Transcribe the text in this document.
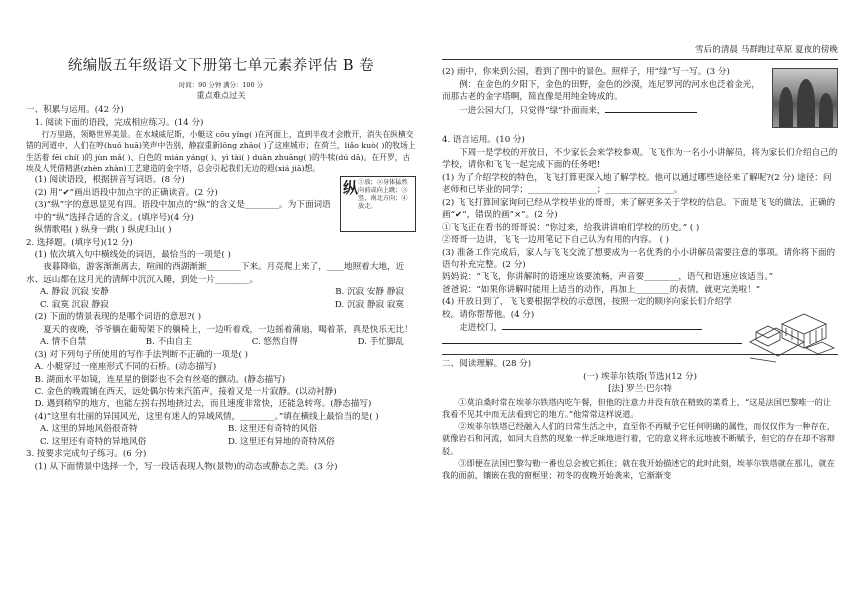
统编版五年级语文下册第七单元素养评估 B 卷
时间：90 分钟 满分：100 分
重点难点过关
一、积累与运用。(42 分)
1. 阅读下面的语段，完成相应练习。(14 分)
行万里路，领略世界美景。在水城威尼斯，小艇这 cōu yǐng( )在河面上，直到半夜才会散开，消失在纵横交错的河道中，人们在哼(huǒ huā)笑声中告别，静寂重新lōng zhāo( )了这座城市；在荷兰，liǎo kuò( )的牧场上生活着 fēi chí( )的 jùn mǎ( )、白色的 mián yáng( )、yì tài( ) duān zhuāng( )的牛犊(dú dā)。在开罗，古埃及人凭借精湛(zhèn zhàn)工艺建造的金字塔，总会引起我们无边的遐(xiá jiā)想。
纵 ①放；②身体猛然向前或向上跳；③竖，南北方向；④放走。
(1) 阅读语段，根据拼音写词语。(8 分)
(2) 用“✔”画出语段中加点字的正确读音。(2 分)
(3)“纵”字的意思显见有四。语段中加点的“纵”的含义是________。为下面词语中的“纵”选择合适的含义。(填序号)(4 分)
纵情歌唱( ) 纵身一跳( ) 纵虎归山( )
2. 选择题。(填序号)(12 分)
(1) 依次填入句中横线处的词语，最恰当的一项是( )
夜暮降临，游客渐渐离去，喧闹的西湖渐渐________下来。月亮爬上来了，____地照着大地，近水、远山都在这月光的清辉中沉沉入睡，到处一片________。
A. 静寂 沉寂 安静	B. 沉寂 安静 静寂
C. 寂寞 沉寂 静寂	D. 沉寂 静寂 寂寞
(2) 下面的情景表现的是哪个词语的意思?( )
夏天的夜晚，爷爷躺在葡萄架下的躺椅上，一边听着戏，一边摇着蒲扇，喝着茶，真是快乐无比！
A. 情不自禁	B. 不由自主	C. 悠然自得	D. 手忙脚乱
(3) 对下列句子所使用的写作手法判断不正确的一项是( )
A. 小艇穿过一座座形式不同的石桥。(动态描写)
B. 湖面水平如镜，连星星的倒影也不会有丝毫的颤动。(静态描写)
C. 金色的晚霞铺在西天，远处偶尔传来汽笛声，接着又是一片寂静。(以动衬静)
D. 遇到稍窄的地方，也能左拐右拐地挤过去，而且速度非常快，还能急转弯。(静态描写)
(4)“这里有壮丽的异国风光，这里有迷人的异域风情，________。”填在横线上最恰当的是( )
A. 这里的异地风俗很奇特	B. 这里还有奇特的风俗
C. 这里还有奇特的异地风俗	D. 这里还有异地的奇特风俗
3. 按要求完成句子练习。(6 分)
(1) 从下面情景中选择一个，写一段话表现人物(景物)的动态或静态之美。(3 分)
雪后的清晨 马群跑过草原 夏夜的傍晚
(2) 雨中，你来到公园，看到了图中的景色。照样子，用“绿”写一写。(3 分)
例：在金色的夕阳下，金色的田野，金色的沙漠，连尼罗河的河水也泛着金光，而那古老的金字塔啊，简直像是用纯金铸成的。
一进公园大门，只觉得“绿”扑面而来，
4. 语言运用。(10 分)
下周一是学校的开放日，不少家长会来学校参观。飞飞作为一名小小讲解员，将为家长们介绍自己的学校，请你和飞飞一起完成下面的任务吧!
(1) 为了介绍学校的特色，飞飞打算更深入地了解学校。他可以通过哪些途径来了解呢?(2 分) 途径：问老师和已毕业的同学；________________；________________。
(2) 飞飞打算回家询问已经从学校毕业的哥哥，来了解更多关于学校的信息。下面是飞飞的做法，正确的画“✔”，错误的画“×”。(2 分)
①飞飞正在看书的哥哥说：“你过来，给我讲讲咱们学校的历史。” ( )
②哥哥一边讲，飞飞一边用笔记下自己认为有用的内容。 ( )
(3) 准备工作完成后，家人与飞飞交流了想要成为一名优秀的小小讲解员需要注意的事项。请你将下面的语句补充完整。(2 分)
妈妈说：“飞飞，你讲解时的语速应该要流畅，声音要________，语气和语速应该适当。”
爸爸说：“如果你讲解时能用上适当的动作，再加上________的表情，就更完美啦！”
(4) 开放日到了，飞飞要根据学校的示意图，按照一定的顺序向家长们介绍学校。请你帮帮他。(4 分)
走进校门，
二、阅读理解。(28 分)
(一) 埃菲尔铁塔(节选)(12 分)
[法] 罗兰·巴尔特
①莫泊桑时常在埃菲尔铁塔内吃午餐，但他的注意力并没有放在精致的菜肴上，“这是法国巴黎唯一的让我看不见其中而无法看到它的地方。”他常常这样说道。
②埃菲尔铁塔已经融入人们的日常生活之中，直至你不再赋予它任何明确的属性，而仅仅作为一种存在，就像岩石和河流，如同大自然的现象一样乏味地进行着，它的意义将永远地被不断赋予，但它的存在却不容辩驳。
③即便在法国巴黎勾勒一番也总会被它抓住；就在我开始描述它的此时此刻，埃菲尔铁塔就在那儿，就在我的面前，镶嵌在我的窗框里；初冬的夜晚开始袭来，它渐渐变
